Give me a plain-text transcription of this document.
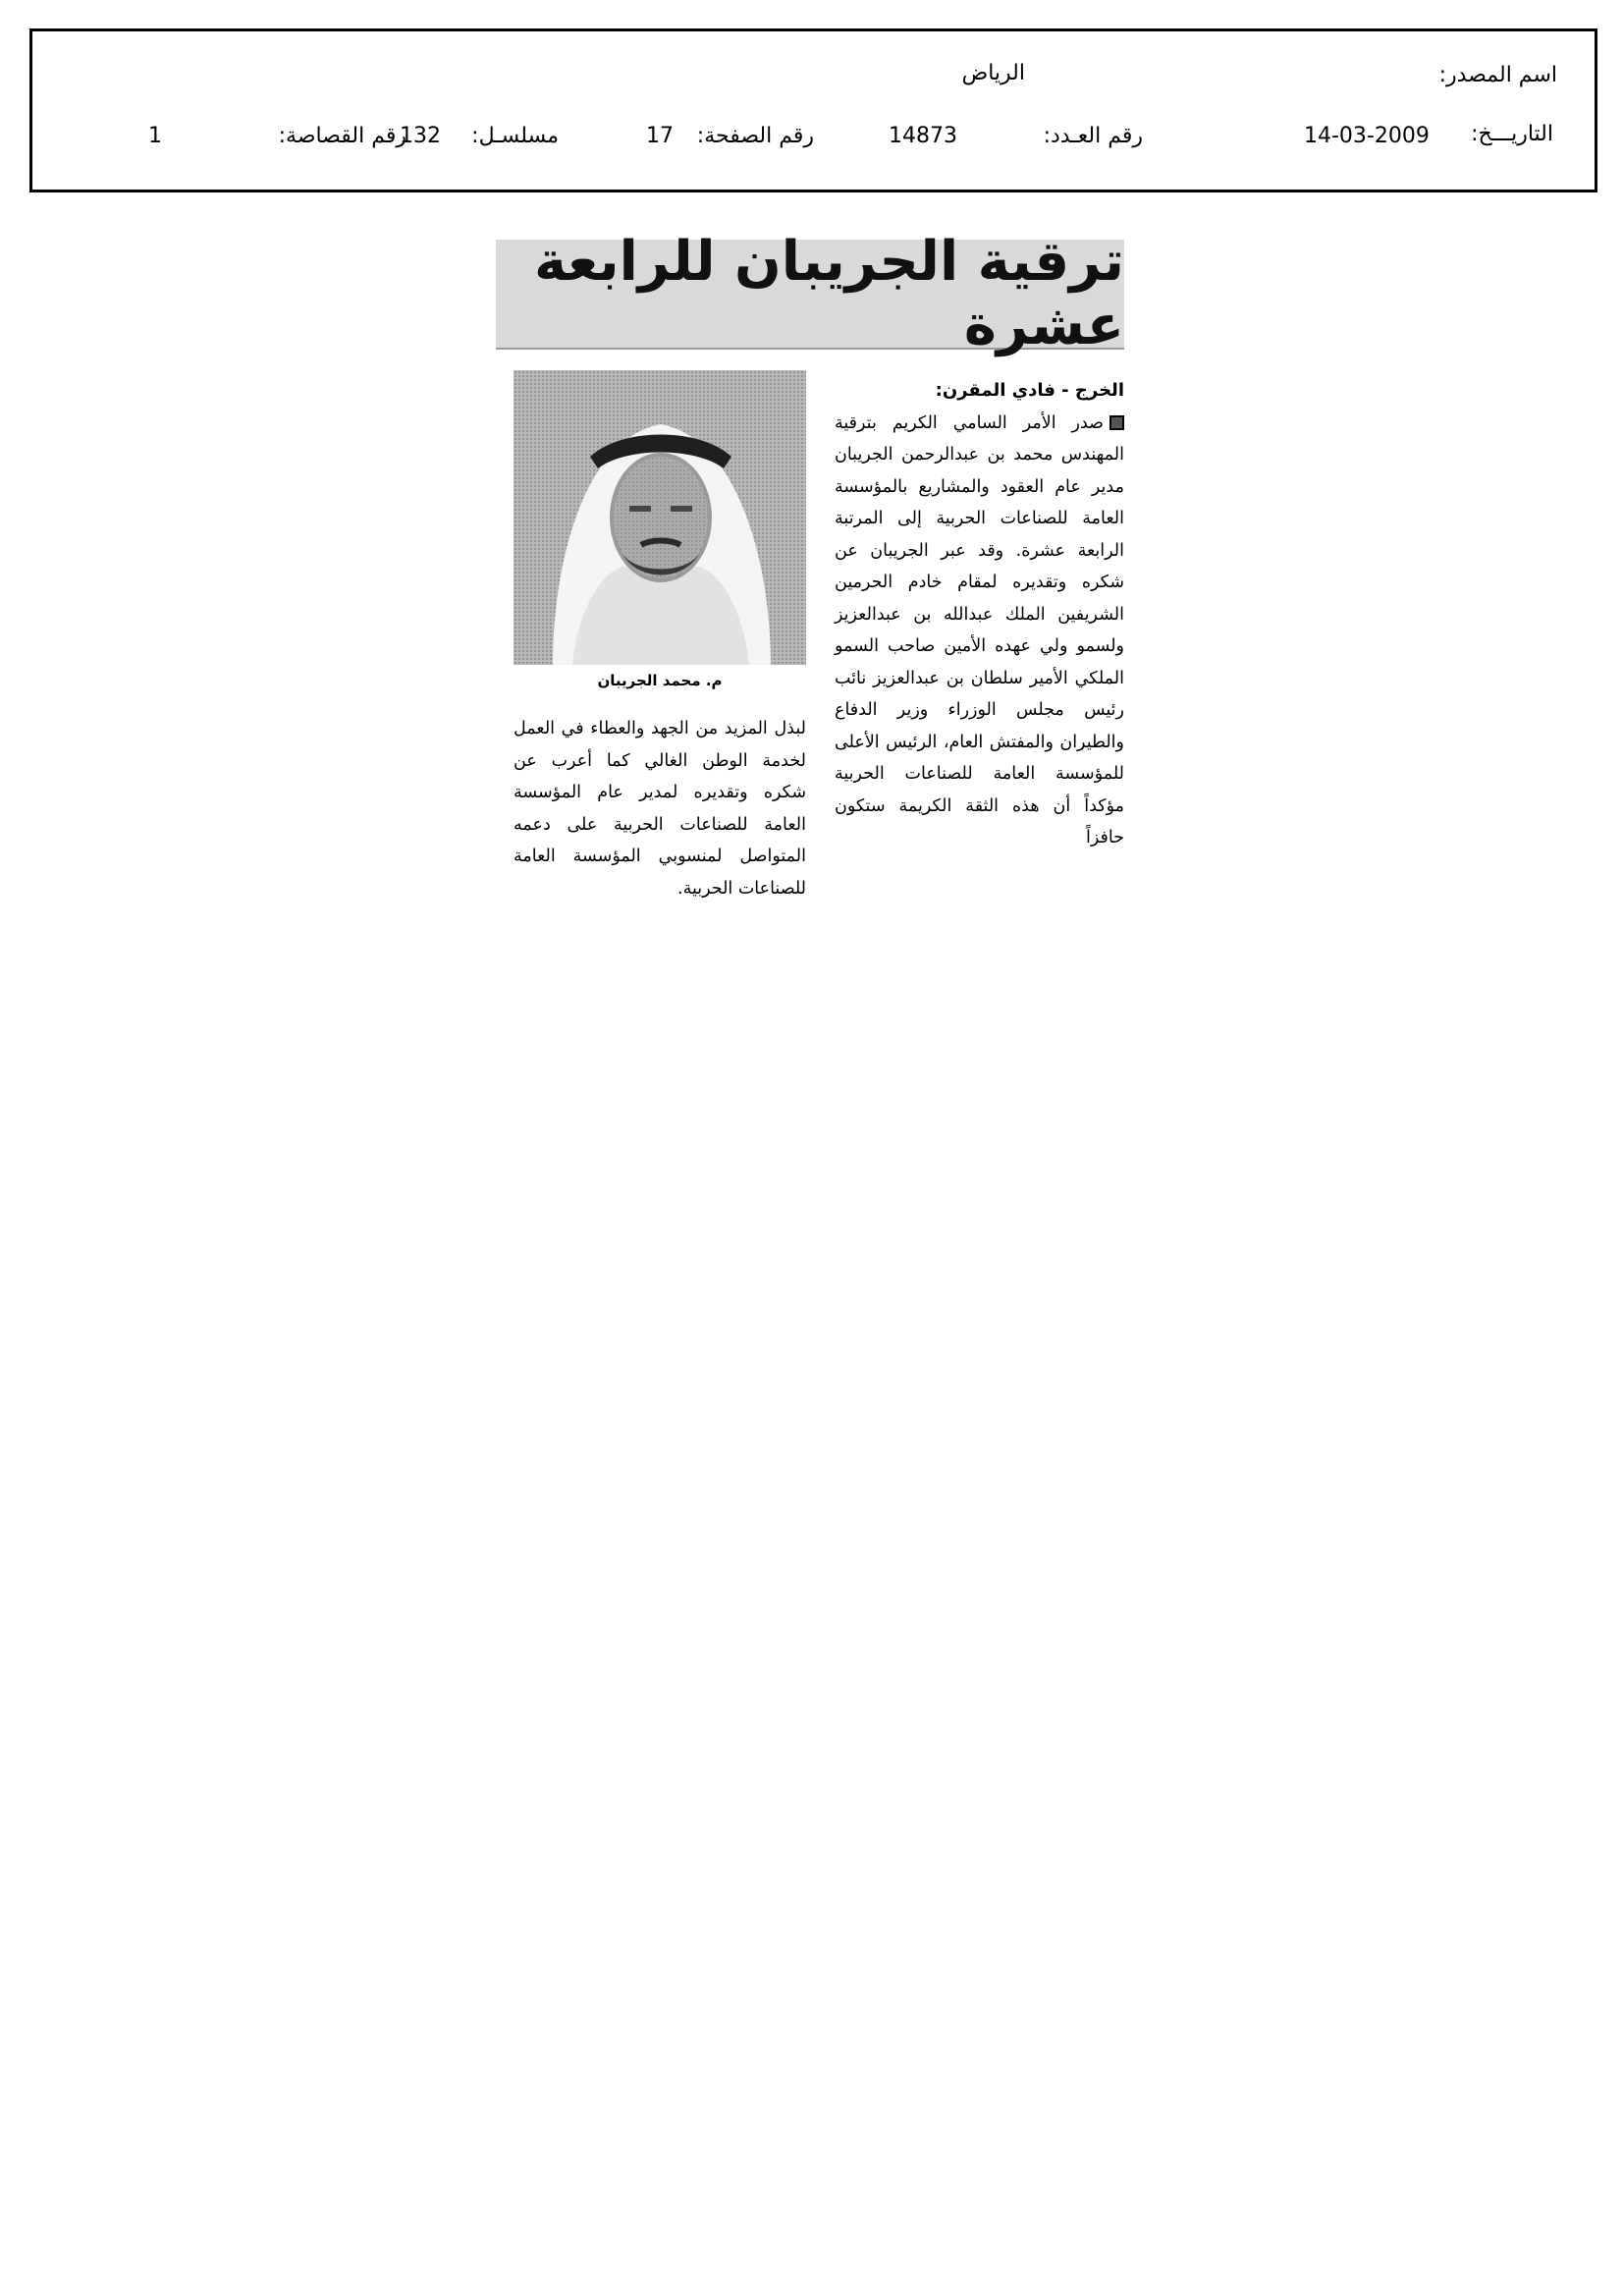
اسم المصدر:
الرياض
التاريـــخ:
14-03-2009
رقم العـدد:
14873
رقم الصفحة:
17
مسلسـل:
132
رقم القصاصة:
1
ترقية الجريبان للرابعة عشرة
الخرج - فادي المقرن:
صدر الأمر السامي الكريم بترقية المهندس محمد بن عبدالرحمن الجريبان مدير عام العقود والمشاريع بالمؤسسة العامة للصناعات الحربية إلى المرتبة الرابعة عشرة. وقد عبر الجريبان عن شكره وتقديره لمقام خادم الحرمين الشريفين الملك عبدالله بن عبدالعزيز ولسمو ولي عهده الأمين صاحب السمو الملكي الأمير سلطان بن عبدالعزيز نائب رئيس مجلس الوزراء وزير الدفاع والطيران والمفتش العام، الرئيس الأعلى للمؤسسة العامة للصناعات الحربية مؤكداً أن هذه الثقة الكريمة ستكون حافزاً
م. محمد الجريبان
لبذل المزيد من الجهد والعطاء في العمل لخدمة الوطن الغالي كما أعرب عن شكره وتقديره لمدير عام المؤسسة العامة للصناعات الحربية على دعمه المتواصل لمنسوبي المؤسسة العامة للصناعات الحربية.
